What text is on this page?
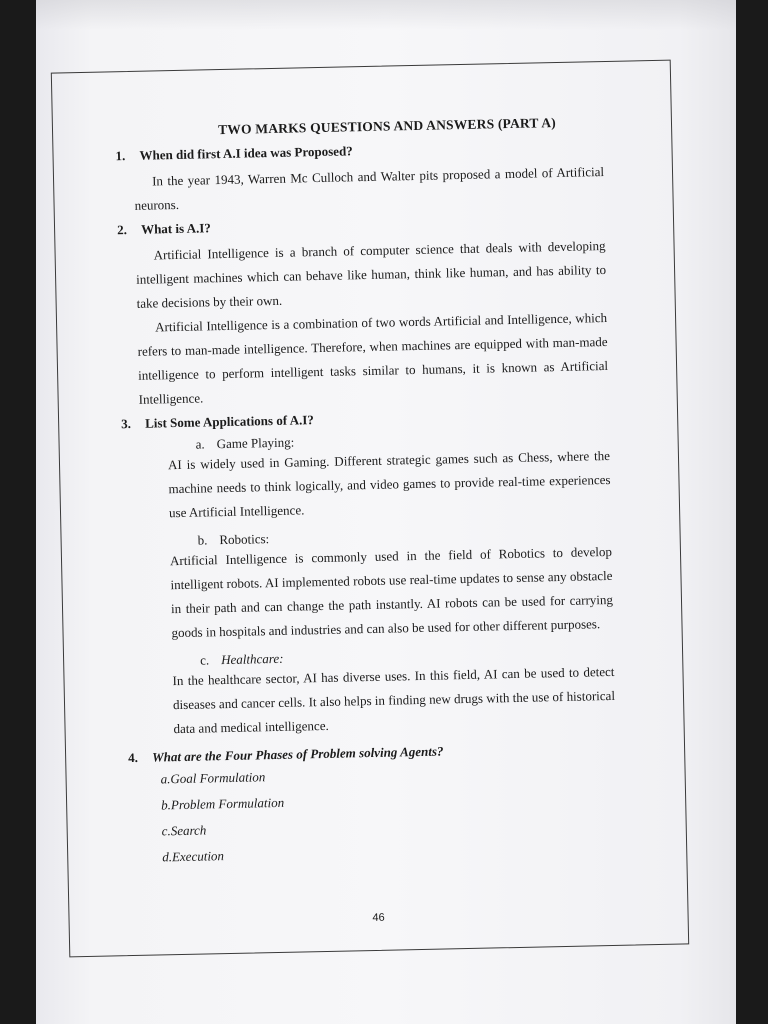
TWO MARKS QUESTIONS AND ANSWERS (PART A)
1.	When did first A.I idea was Proposed?

In the year 1943, Warren Mc Culloch and Walter pits proposed a model of Artificial neurons.

2.	What is A.I?

Artificial Intelligence is a branch of computer science that deals with developing intelligent machines which can behave like human, think like human, and has ability to take decisions by their own.

Artificial Intelligence is a combination of two words Artificial and Intelligence, which refers to man-made intelligence. Therefore, when machines are equipped with man-made intelligence to perform intelligent tasks similar to humans, it is known as Artificial Intelligence.

3.	List Some Applications of A.I?
a. Game Playing:

AI is widely used in Gaming. Different strategic games such as Chess, where the machine needs to think logically, and video games to provide real-time experiences use Artificial Intelligence.

b. Robotics:

Artificial Intelligence is commonly used in the field of Robotics to develop intelligent robots. AI implemented robots use real-time updates to sense any obstacle in their path and can change the path instantly. AI robots can be used for carrying goods in hospitals and industries and can also be used for other different purposes.

c. Healthcare:

In the healthcare sector, AI has diverse uses. In this field, AI can be used to detect diseases and cancer cells. It also helps in finding new drugs with the use of historical data and medical intelligence.

4.	What are the Four Phases of Problem solving Agents?
a.Goal Formulation
b.Problem Formulation
c.Search
d.Execution
46
